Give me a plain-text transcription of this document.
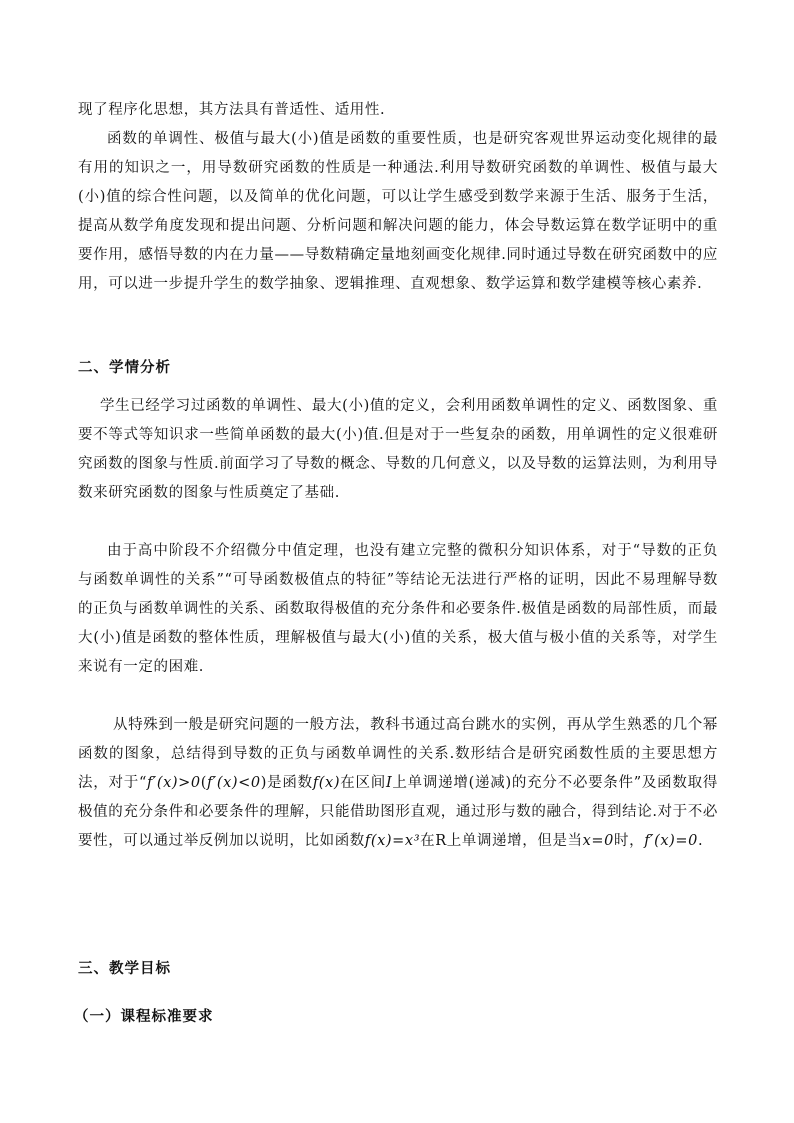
现了程序化思想，其方法具有普适性、适用性.

函数的单调性、极值与最大(小)值是函数的重要性质，也是研究客观世界运动变化规律的最有用的知识之一，用导数研究函数的性质是一种通法.利用导数研究函数的单调性、极值与最大(小)值的综合性问题，以及简单的优化问题，可以让学生感受到数学来源于生活、服务于生活，提高从数学角度发现和提出问题、分析问题和解决问题的能力，体会导数运算在数学证明中的重要作用，感悟导数的内在力量——导数精确定量地刻画变化规律.同时通过导数在研究函数中的应用，可以进一步提升学生的数学抽象、逻辑推理、直观想象、数学运算和数学建模等核心素养.

二、学情分析

学生已经学习过函数的单调性、最大(小)值的定义，会利用函数单调性的定义、函数图象、重要不等式等知识求一些简单函数的最大(小)值.但是对于一些复杂的函数，用单调性的定义很难研究函数的图象与性质.前面学习了导数的概念、导数的几何意义，以及导数的运算法则，为利用导数来研究函数的图象与性质奠定了基础.

由于高中阶段不介绍微分中值定理，也没有建立完整的微积分知识体系，对于“导数的正负与函数单调性的关系”“可导函数极值点的特征”等结论无法进行严格的证明，因此不易理解导数的正负与函数单调性的关系、函数取得极值的充分条件和必要条件.极值是函数的局部性质，而最大(小)值是函数的整体性质，理解极值与最大(小)值的关系，极大值与极小值的关系等，对学生来说有一定的困难.

从特殊到一般是研究问题的一般方法，教科书通过高台跳水的实例，再从学生熟悉的几个幂函数的图象，总结得到导数的正负与函数单调性的关系.数形结合是研究函数性质的主要思想方法，对于“f′(x)>0(f′(x)<0)是函数f(x)在区间I上单调递增(递减)的充分不必要条件”及函数取得极值的充分条件和必要条件的理解，只能借助图形直观，通过形与数的融合，得到结论.对于不必要性，可以通过举反例加以说明，比如函数f(x)=x³在R上单调递增，但是当x=0时，f′(x)=0.

三、教学目标
（一）课程标准要求
